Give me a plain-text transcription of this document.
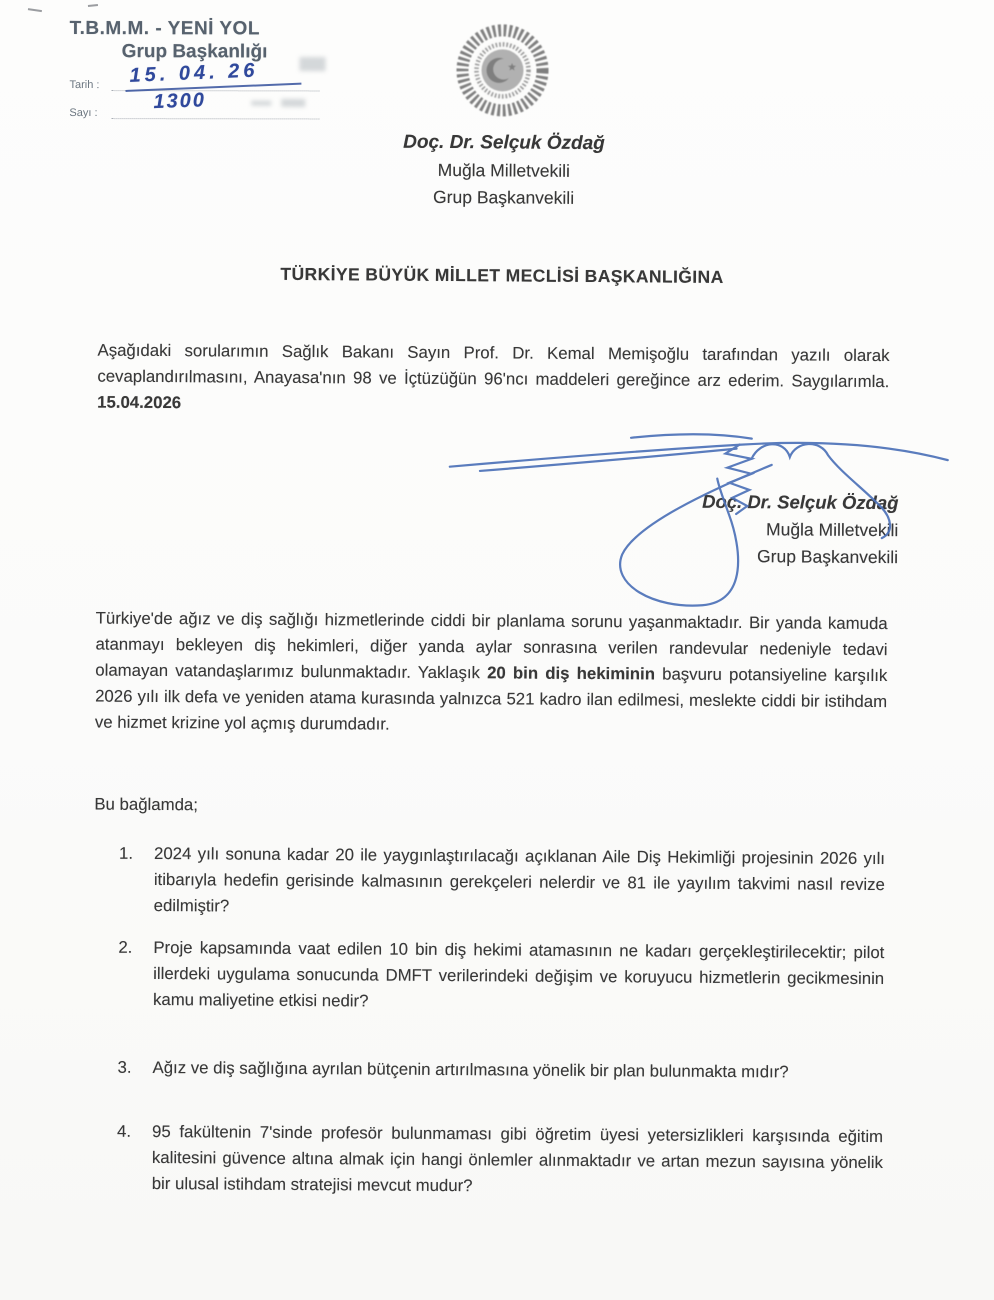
T.B.M.M. - YENİ YOL
Grup Başkanlığı
Tarih :	15. 04. 26
Sayı :	1300
Doç. Dr. Selçuk Özdağ
Muğla Milletvekili
Grup Başkanvekili
TÜRKİYE BÜYÜK MİLLET MECLİSİ BAŞKANLIĞINA
Aşağıdaki sorularımın Sağlık Bakanı Sayın Prof. Dr. Kemal Memişoğlu tarafından yazılı olarak cevaplandırılmasını, Anayasa'nın 98 ve İçtüzüğün 96'ncı maddeleri gereğince arz ederim. Saygılarımla. 15.04.2026
Doç. Dr. Selçuk Özdağ
Muğla Milletvekili
Grup Başkanvekili
Türkiye'de ağız ve diş sağlığı hizmetlerinde ciddi bir planlama sorunu yaşanmaktadır. Bir yanda kamuda atanmayı bekleyen diş hekimleri, diğer yanda aylar sonrasına verilen randevular nedeniyle tedavi olamayan vatandaşlarımız bulunmaktadır. Yaklaşık 20 bin diş hekiminin başvuru potansiyeline karşılık 2026 yılı ilk defa ve yeniden atama kurasında yalnızca 521 kadro ilan edilmesi, meslekte ciddi bir istihdam ve hizmet krizine yol açmış durumdadır.
Bu bağlamda;
1.	2024 yılı sonuna kadar 20 ile yaygınlaştırılacağı açıklanan Aile Diş Hekimliği projesinin 2026 yılı itibarıyla hedefin gerisinde kalmasının gerekçeleri nelerdir ve 81 ile yayılım takvimi nasıl revize edilmiştir?
2.	Proje kapsamında vaat edilen 10 bin diş hekimi atamasının ne kadarı gerçekleştirilecektir; pilot illerdeki uygulama sonucunda DMFT verilerindeki değişim ve koruyucu hizmetlerin gecikmesinin kamu maliyetine etkisi nedir?
3.	Ağız ve diş sağlığına ayrılan bütçenin artırılmasına yönelik bir plan bulunmakta mıdır?
4.	95 fakültenin 7'sinde profesör bulunmaması gibi öğretim üyesi yetersizlikleri karşısında eğitim kalitesini güvence altına almak için hangi önlemler alınmaktadır ve artan mezun sayısına yönelik bir ulusal istihdam stratejisi mevcut mudur?
